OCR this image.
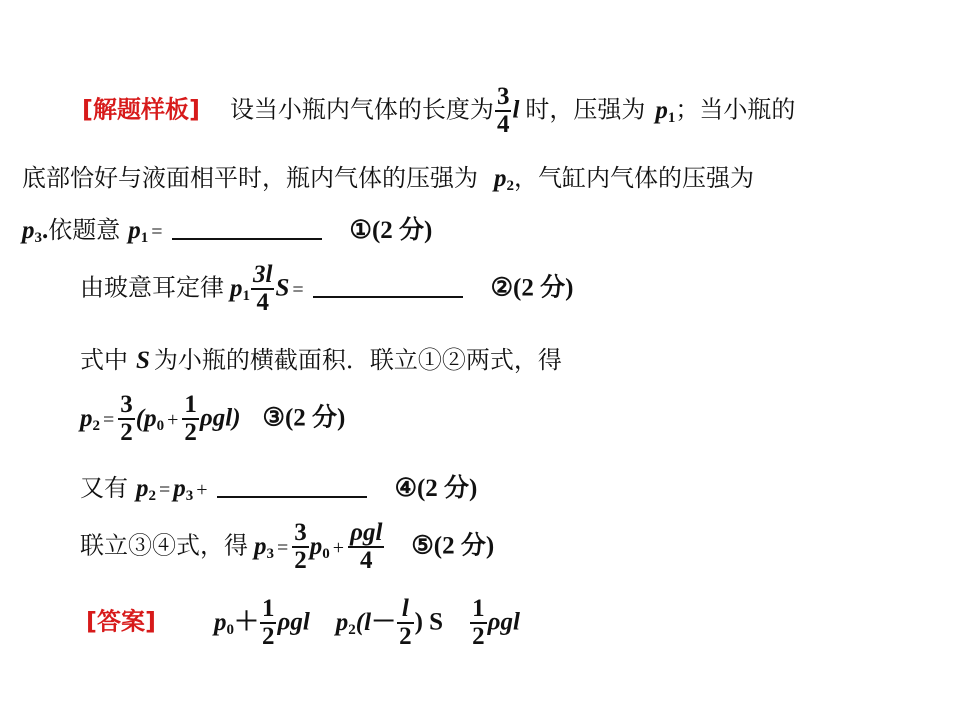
[解题样板] 设当小瓶内气体的长度为 $\frac{3}{4}$ l 时，压强为 $p_1$；当小瓶的
底部恰好与液面相平时，瓶内气体的压强为 $p_2$，气缸内气体的压强为
$p_3$.依题意 $p_1$ =	①(2 分)
由玻意耳定律 $p_1 \frac{3l}{4}$ S =	②(2 分)
式中 S 为小瓶的横截面积．联立①②两式，得
$p_2 = \frac{3}{2} (p_0 + \frac{1}{2} \rho gl)$ ③(2 分)
又有 $p_2 = p_3$ +	④(2 分)
联立③④式，得 $p_3 = \frac{3}{2} p_0 + \frac{\text{ρgl}}{4}$ ⑤(2 分)
[答案] $p_0+ \frac{1}{2}$ ρgl $p_2(l- \frac{l}{2}$ ) S $\frac{1}{2}$ ρgl
